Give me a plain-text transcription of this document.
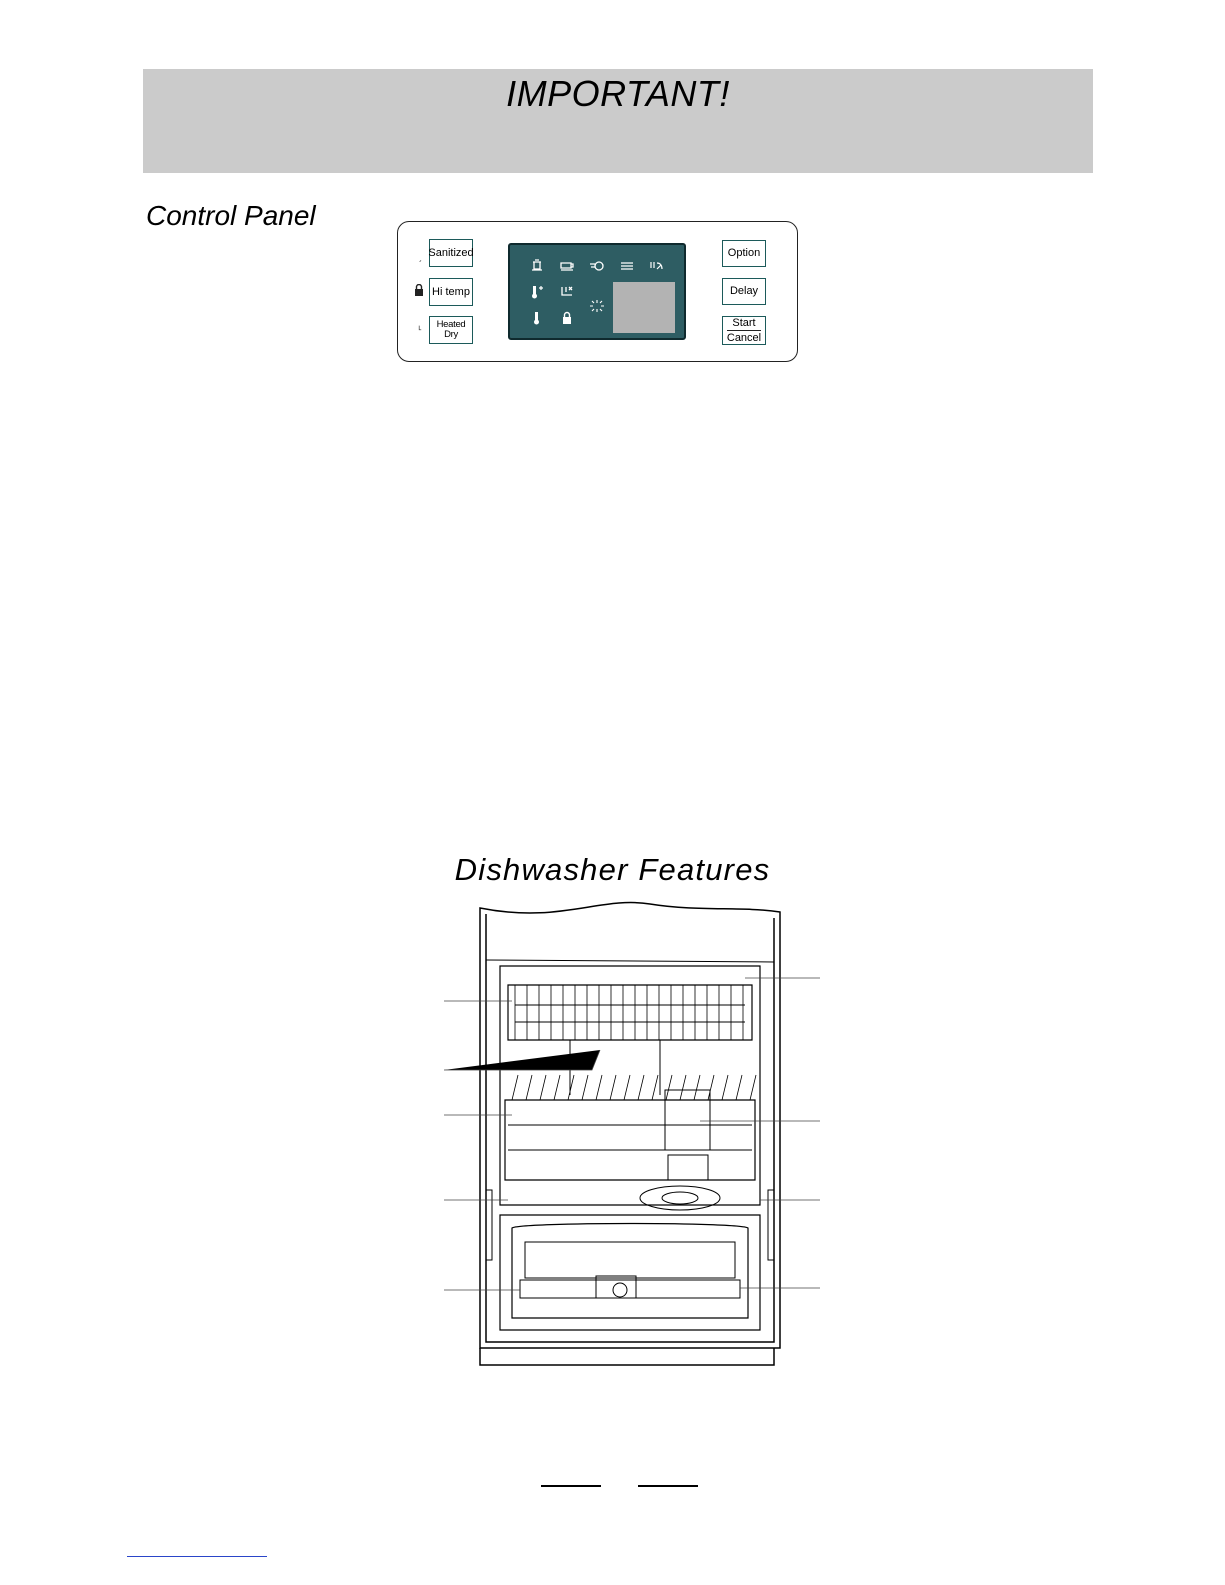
IMPORTANT!
Control Panel
ˏ
˪
Sanitized
Hi temp
Heated Dry
Option
Delay
Start
Cancel
Dishwasher Features
